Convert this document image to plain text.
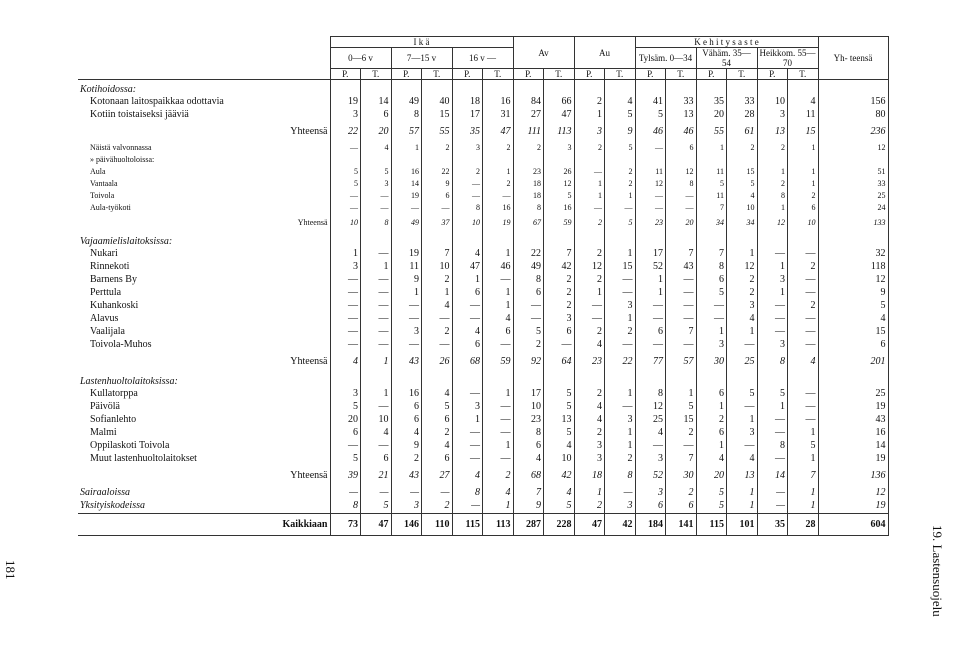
181	19. Lastensuojelu
	I k ä						Av		Au		K e h i t y s a s t e						Yh- teensä
	0—6 v		7—15 v		16 v —						Tylsäm. 0—34		Vähäm. 35—54		Heikkom. 55—70		
	P.	T.	P.	T.	P.	T.	P.	T.	P.	T.	P.	T.	P.	T.	P.	T.	
Kotihoidossa:																	
Kotonaan laitospaikkaa odottavia	19	14	49	40	18	16	84	66	2	4	41	33	35	33	10	4	156
Kotiin toistaiseksi jääviä	3	6	8	15	17	31	27	47	1	5	5	13	20	28	3	11	80
Yhteensä	22	20	57	55	35	47	111	113	3	9	46	46	55	61	13	15	236
Näistä valvonnassa	—	4	1	2	3	2	2	3	2	5	—	6	1	2	2	1	12
» päivähuoltoloissa:																	
Aula	5	5	16	22	2	1	23	26	—	2	11	12	11	15	1	1	51
Vantaala	5	3	14	9	—	2	18	12	1	2	12	8	5	5	2	1	33
Toivola	—	—	19	6	—	—	18	5	1	1	—	—	11	4	8	2	25
Aula-työkoti	—	—	—	—	8	16	8	16	—	—	—	—	7	10	1	6	24
Yhteensä	10	8	49	37	10	19	67	59	2	5	23	20	34	34	12	10	133
Vajaamielislaitoksissa:																	
Nukari	1	—	19	7	4	1	22	7	2	1	17	7	7	1	—	—	32
Rinnekoti	3	1	11	10	47	46	49	42	12	15	52	43	8	12	1	2	118
Barnens By	—	—	9	2	1	—	8	2	2	—	1	—	6	2	3	—	12
Perttula	—	—	1	1	6	1	6	2	1	—	1	—	5	2	1	—	9
Kuhankoski	—	—	—	4	—	1	—	2	—	3	—	—	—	3	—	2	5
Alavus	—	—	—	—	—	4	—	3	—	1	—	—	—	4	—	—	4
Vaalijala	—	—	3	2	4	6	5	6	2	2	6	7	1	1	—	—	15
Toivola-Muhos	—	—	—	—	6	—	2	—	4	—	—	—	3	—	3	—	6
Yhteensä	4	1	43	26	68	59	92	64	23	22	77	57	30	25	8	4	201
Lastenhuoltolaitoksissa:																	
Kullatorppa	3	1	16	4	—	1	17	5	2	1	8	1	6	5	5	—	25
Päivölä	5	—	6	5	3	—	10	5	4	—	12	5	1	—	1	—	19
Sofianlehto	20	10	6	6	1	—	23	13	4	3	25	15	2	1	—	—	43
Malmi	6	4	4	2	—	—	8	5	2	1	4	2	6	3	—	1	16
Oppilaskoti Toivola	—	—	9	4	—	1	6	4	3	1	—	—	1	—	8	5	14
Muut lastenhuoltolaitokset	5	6	2	6	—	—	4	10	3	2	3	7	4	4	—	1	19
Yhteensä	39	21	43	27	4	2	68	42	18	8	52	30	20	13	14	7	136
Sairaaloissa	—	—	—	—	8	4	7	4	1	—	3	2	5	1	—	1	12
Yksityiskodeissa	8	5	3	2	—	1	9	5	2	3	6	6	5	1	—	1	19
Kaikkiaan	73	47	146	110	115	113	287	228	47	42	184	141	115	101	35	28	604
